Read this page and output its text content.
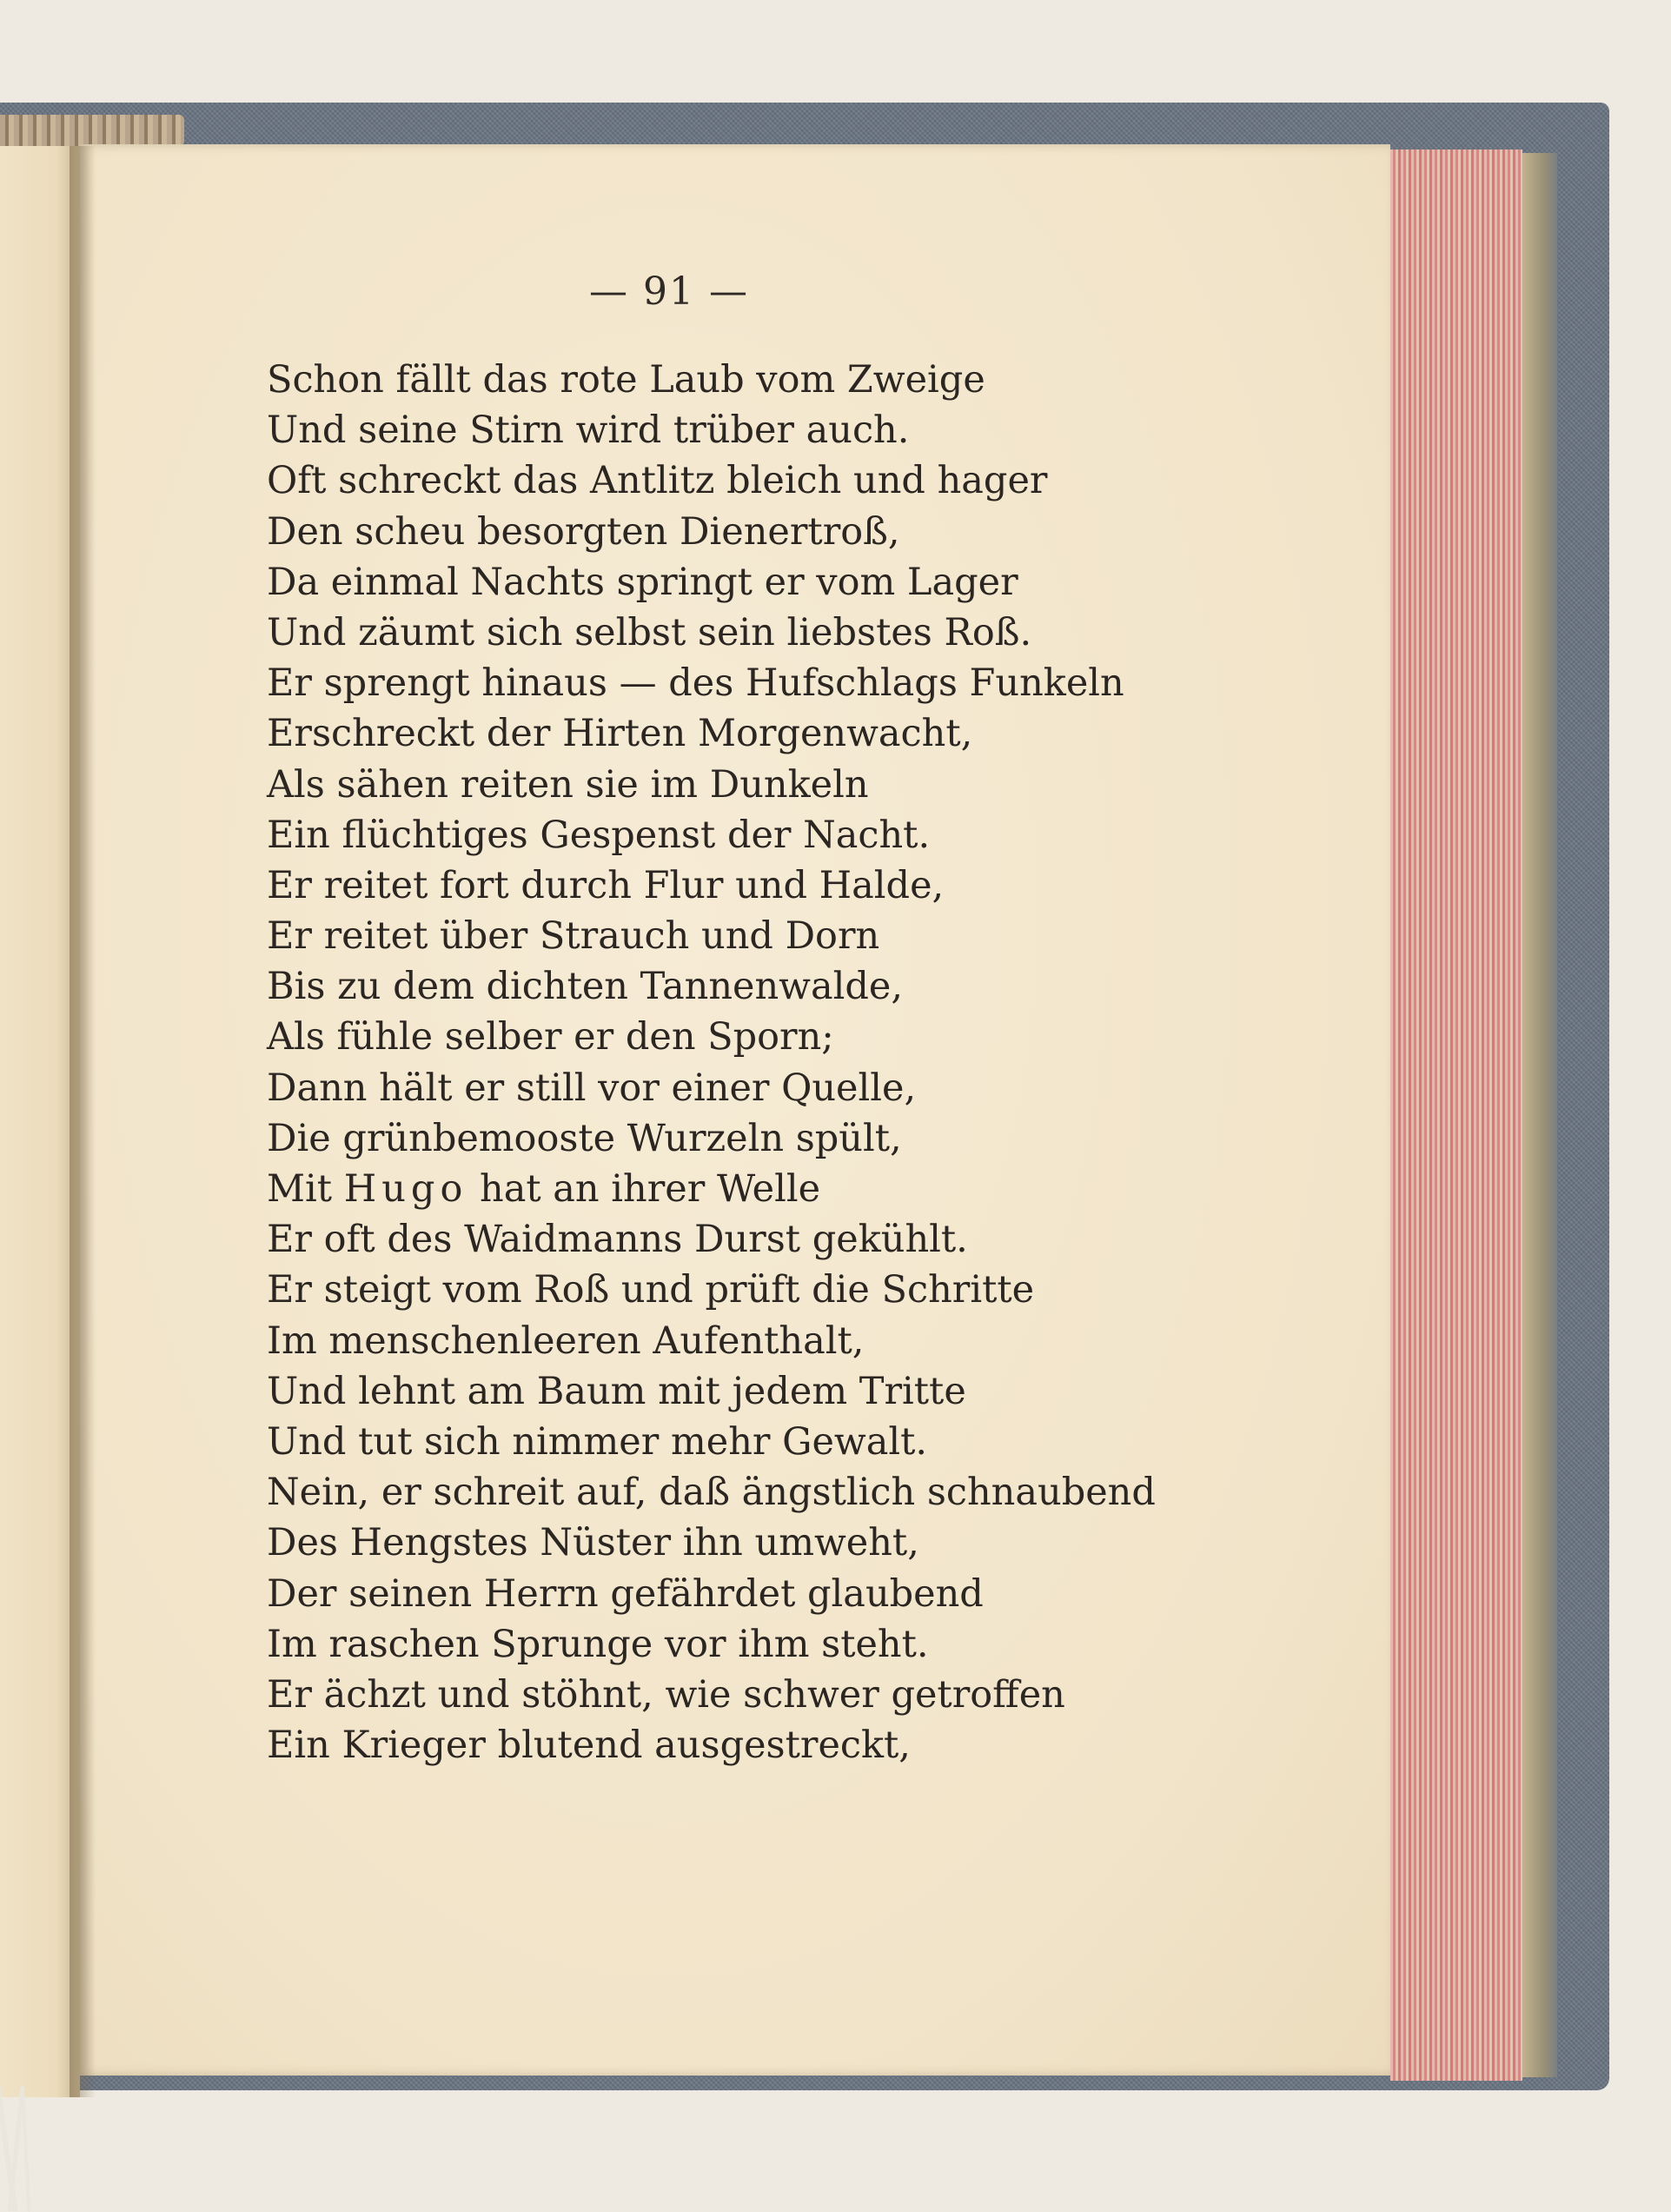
— 91 —
Schon fällt das rote Laub vom Zweige
Und seine Stirn wird trüber auch.
Oft schreckt das Antlitz bleich und hager
Den scheu besorgten Dienertroß,
Da einmal Nachts springt er vom Lager
Und zäumt sich selbst sein liebstes Roß.
Er sprengt hinaus — des Hufschlags Funkeln
Erschreckt der Hirten Morgenwacht,
Als sähen reiten sie im Dunkeln
Ein flüchtiges Gespenst der Nacht.
Er reitet fort durch Flur und Halde,
Er reitet über Strauch und Dorn
Bis zu dem dichten Tannenwalde,
Als fühle selber er den Sporn;
Dann hält er still vor einer Quelle,
Die grünbemooste Wurzeln spült,
Mit Hugo hat an ihrer Welle
Er oft des Waidmanns Durst gekühlt.
Er steigt vom Roß und prüft die Schritte
Im menschenleeren Aufenthalt,
Und lehnt am Baum mit jedem Tritte
Und tut sich nimmer mehr Gewalt.
Nein, er schreit auf, daß ängstlich schnaubend
Des Hengstes Nüster ihn umweht,
Der seinen Herrn gefährdet glaubend
Im raschen Sprunge vor ihm steht.
Er ächzt und stöhnt, wie schwer getroffen
Ein Krieger blutend ausgestreckt,
